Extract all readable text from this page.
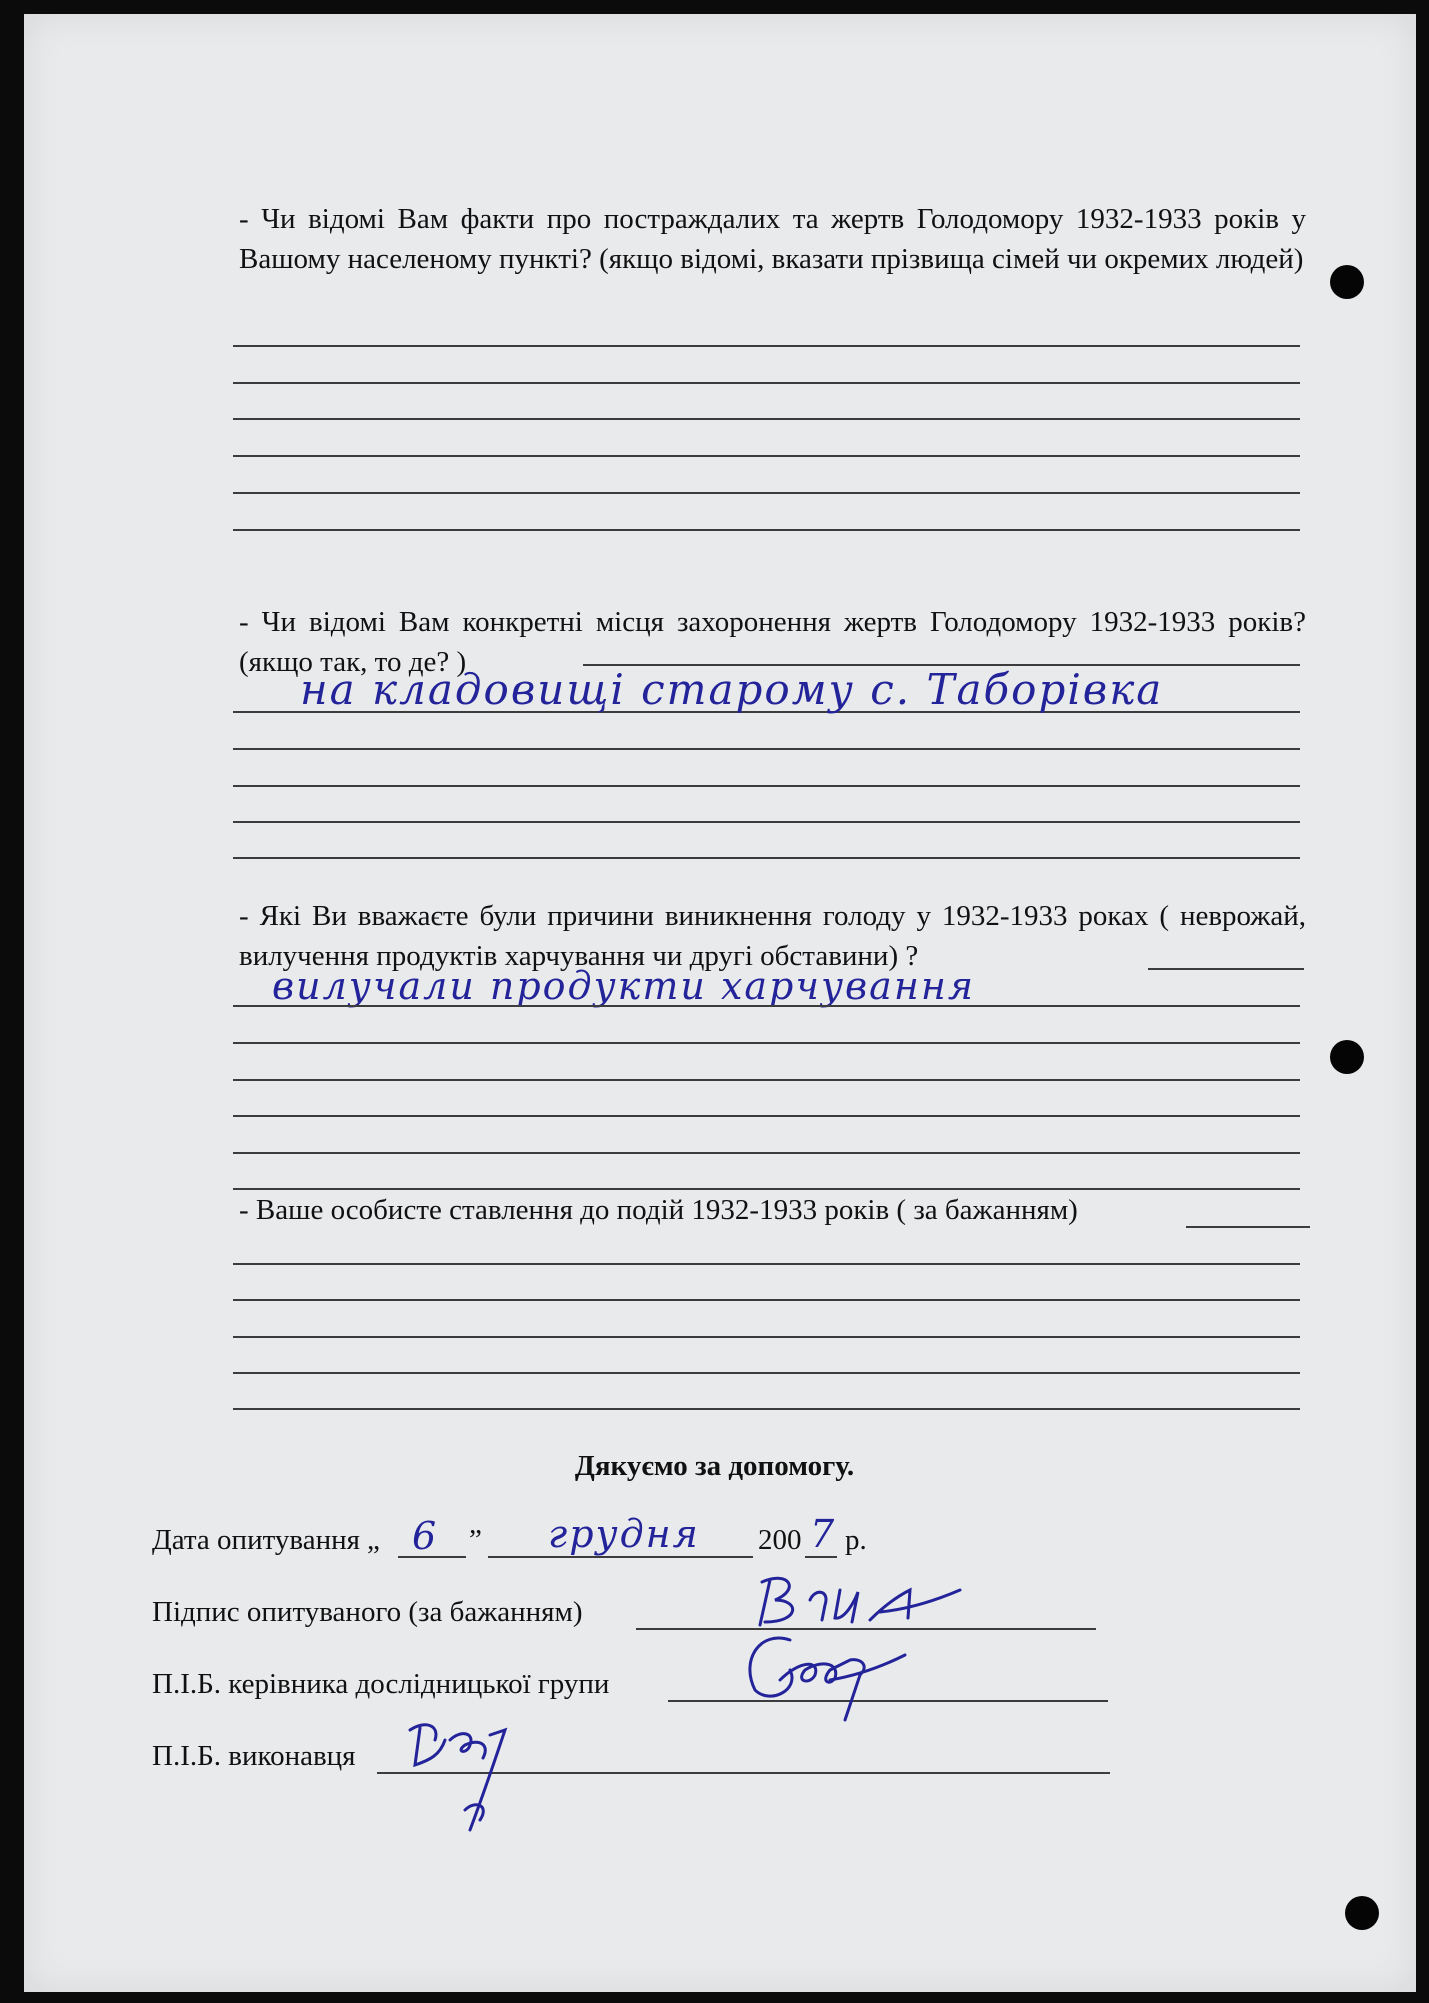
- Чи відомі Вам факти про постраждалих та жертв Голодомору 1932-1933 років у Вашому населеному пункті? (якщо відомі, вказати прізвища сімей чи окремих людей)
- Чи відомі Вам конкретні місця захоронення жертв Голодомору 1932-1933 років? (якщо так, то де? )
на кладовищі старому с. Таборівка
- Які Ви вважаєте були причини виникнення голоду у 1932-1933 роках ( неврожай, вилучення продуктів харчування чи другі обставини) ?
вилучали продукти харчування
- Ваше особисте ставлення до подій 1932-1933 років ( за бажанням)
Дякуємо за допомогу.
Дата опитування „ 6 ” грудня 200 7 р.
Підпис опитуваного (за бажанням)
П.І.Б. керівника дослідницької групи
П.І.Б. виконавця
